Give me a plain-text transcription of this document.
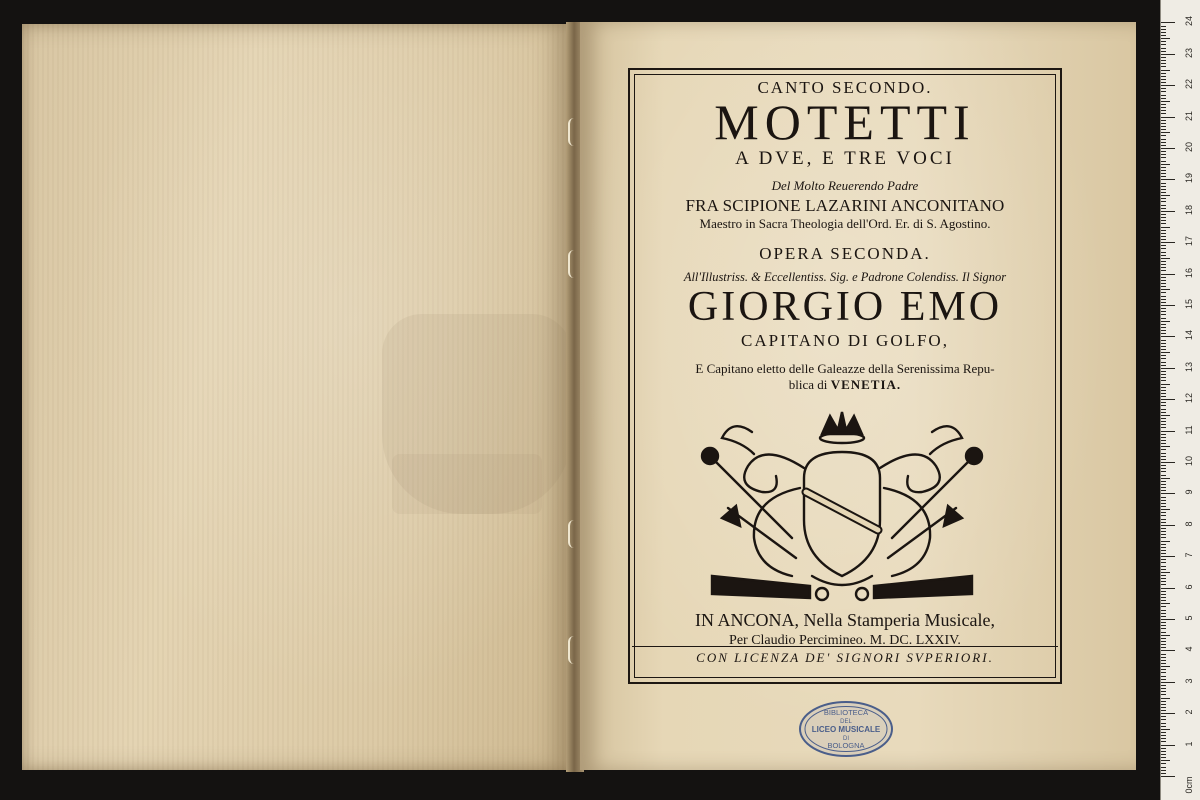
CANTO SECONDO.
MOTETTI
A DVE, E TRE VOCI
Del Molto Reuerendo Padre
FRA SCIPIONE LAZARINI ANCONITANO
Maestro in Sacra Theologia dell'Ord. Er. di S. Agostino.
OPERA SECONDA.
All'Illustriss. & Eccellentiss. Sig. e Padrone Colendiss. Il Signor
GIORGIO EMO
CAPITANO DI GOLFO,
E Capitano eletto delle Galeazze della Serenissima Repu-
blica di VENETIA.
IN ANCONA, Nella Stamperia Musicale,
Per Claudio Percimineo. M. DC. LXXIV.
CON LICENZA DE' SIGNORI SVPERIORI.
BIBLIOTECA
DEL
LICEO MUSICALE
DI
BOLOGNA
0cm
1
2
3
4
5
6
7
8
9
10
11
12
13
14
15
16
17
18
19
20
21
22
23
24
